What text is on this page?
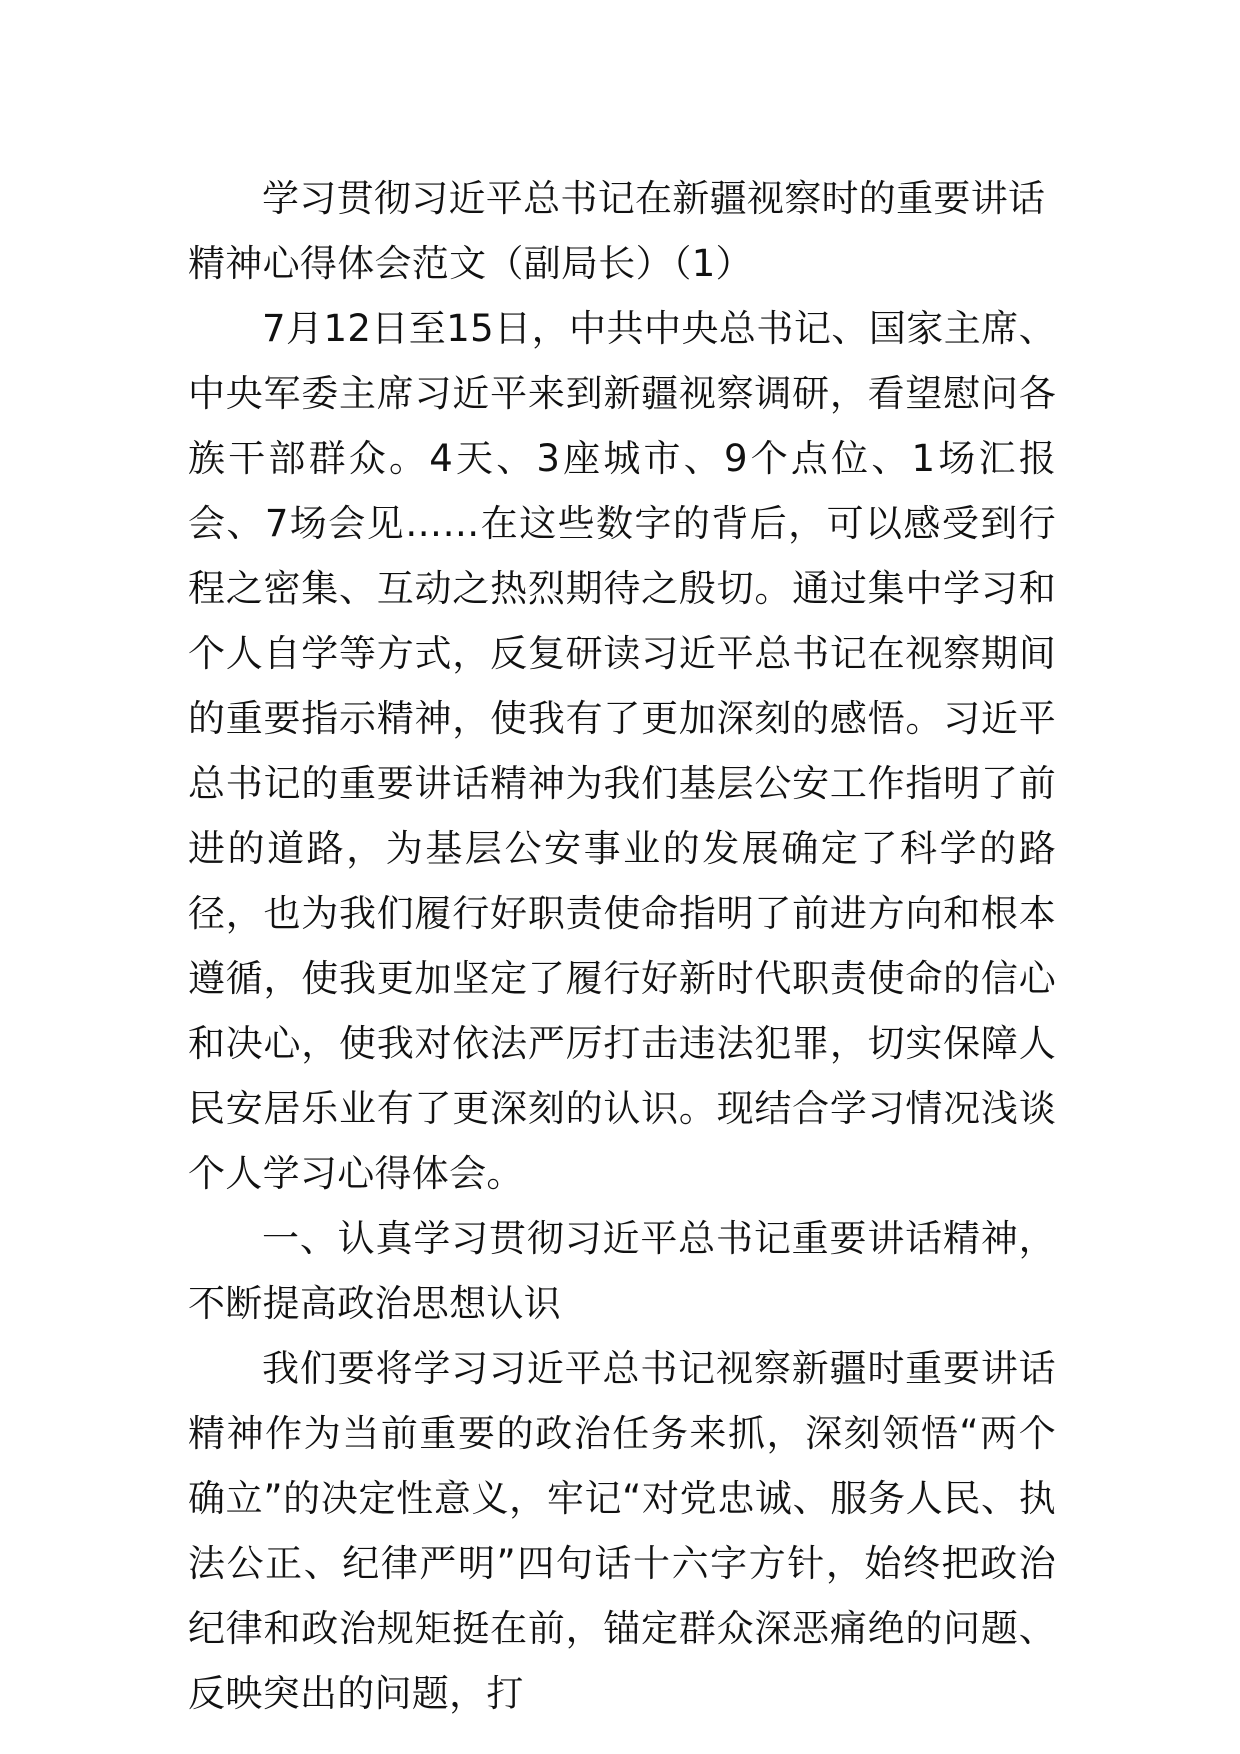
学习贯彻习近平总书记在新疆视察时的重要讲话精神心得体会范文（副局长）（1）

7月12日至15日，中共中央总书记、国家主席、中央军委主席习近平来到新疆视察调研，看望慰问各族干部群众。4天、3座城市、9个点位、1场汇报会、7场会见……在这些数字的背后，可以感受到行程之密集、互动之热烈期待之殷切。通过集中学习和个人自学等方式，反复研读习近平总书记在视察期间的重要指示精神，使我有了更加深刻的感悟。习近平总书记的重要讲话精神为我们基层公安工作指明了前进的道路，为基层公安事业的发展确定了科学的路径，也为我们履行好职责使命指明了前进方向和根本遵循，使我更加坚定了履行好新时代职责使命的信心和决心，使我对依法严厉打击违法犯罪，切实保障人民安居乐业有了更深刻的认识。现结合学习情况浅谈个人学习心得体会。

一、认真学习贯彻习近平总书记重要讲话精神，不断提高政治思想认识

我们要将学习习近平总书记视察新疆时重要讲话精神作为当前重要的政治任务来抓，深刻领悟“两个确立”的决定性意义，牢记“对党忠诚、服务人民、执法公正、纪律严明”四句话十六字方针，始终把政治纪律和政治规矩挺在前，锚定群众深恶痛绝的问题、反映突出的问题，打
